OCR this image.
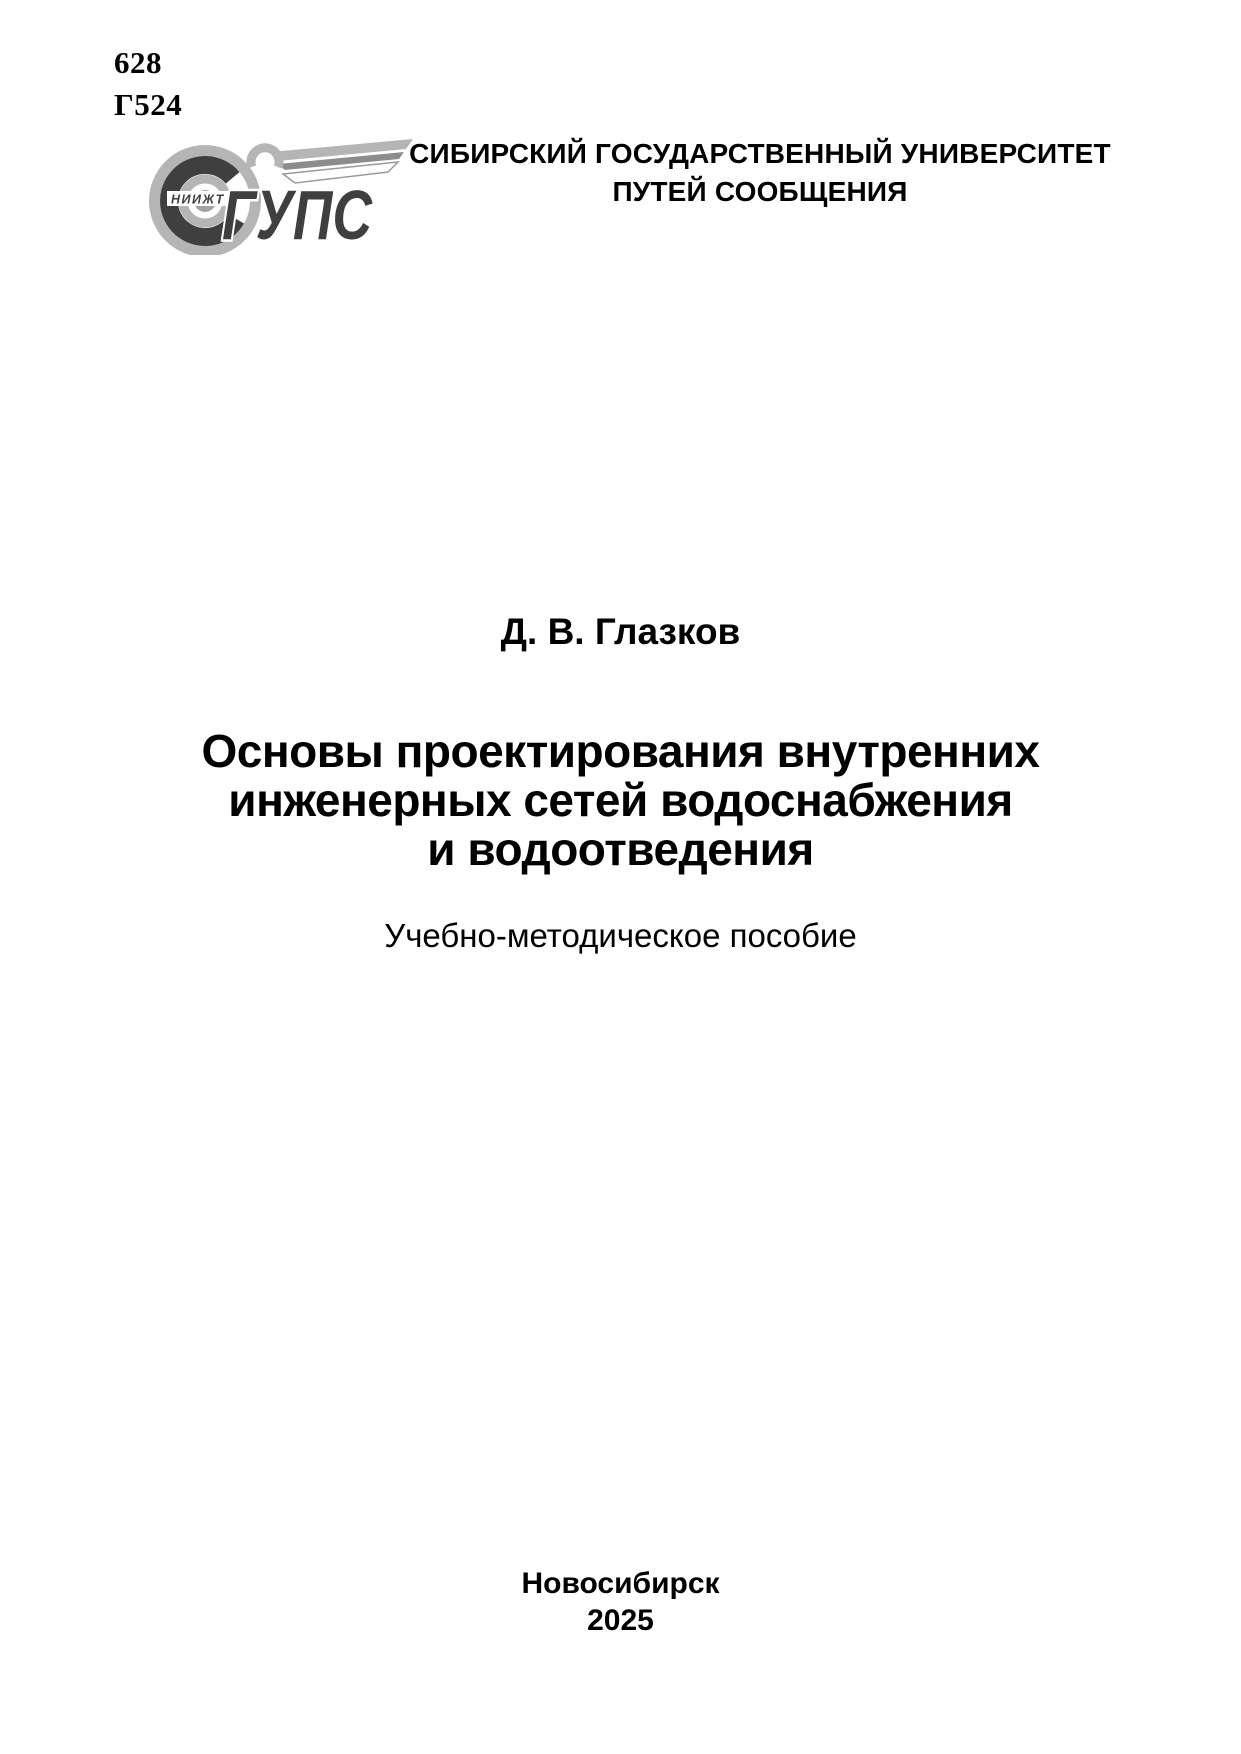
628
Г524
НИИЖТ
ГУПС
СИБИРСКИЙ ГОСУДАРСТВЕННЫЙ УНИВЕРСИТЕТ
ПУТЕЙ СООБЩЕНИЯ
Д. В. Глазков
Основы проектирования внутренних
инженерных сетей водоснабжения
и водоотведения
Учебно-методическое пособие
Новосибирск
2025
